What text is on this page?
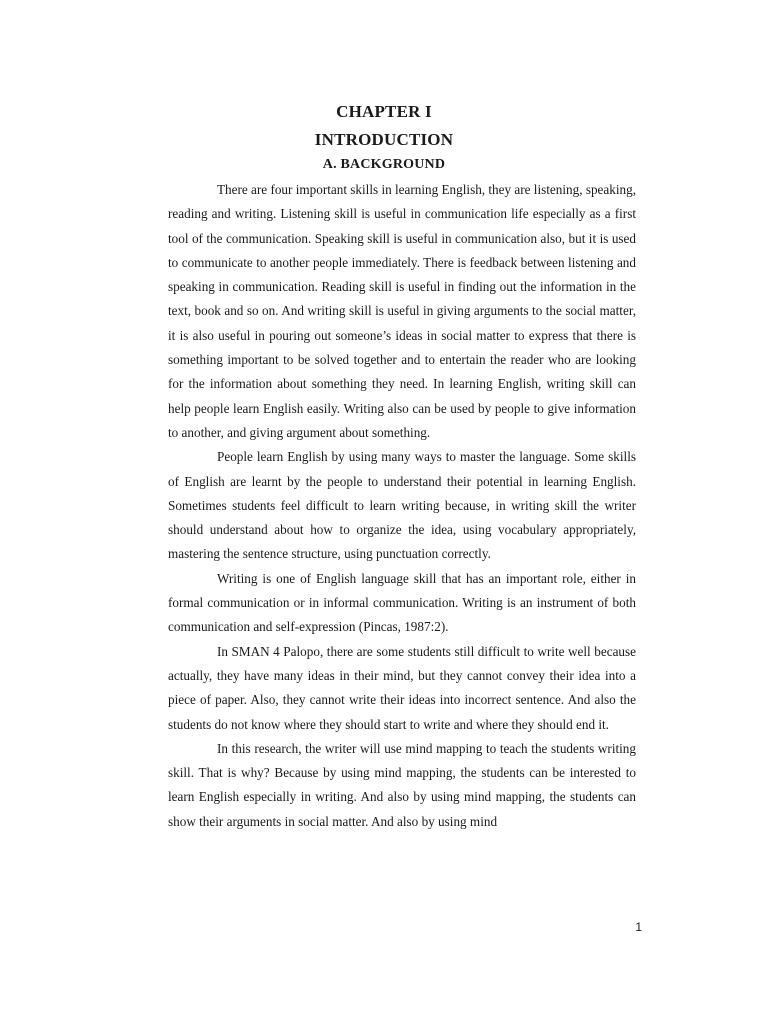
CHAPTER I
INTRODUCTION
A. BACKGROUND

There are four important skills in learning English, they are listening, speaking, reading and writing. Listening skill is useful in communication life especially as a first tool of the communication. Speaking skill is useful in communication also, but it is used to communicate to another people immediately. There is feedback between listening and speaking in communication. Reading skill is useful in finding out the information in the text, book and so on. And writing skill is useful in giving arguments to the social matter, it is also useful in pouring out someone’s ideas in social matter to express that there is something important to be solved together and to entertain the reader who are looking for the information about something they need. In learning English, writing skill can help people learn English easily. Writing also can be used by people to give information to another, and giving argument about something.

People learn English by using many ways to master the language. Some skills of English are learnt by the people to understand their potential in learning English. Sometimes students feel difficult to learn writing because, in writing skill the writer should understand about how to organize the idea, using vocabulary appropriately, mastering the sentence structure, using punctuation correctly.

Writing is one of English language skill that has an important role, either in formal communication or in informal communication. Writing is an instrument of both communication and self-expression (Pincas, 1987:2).

In SMAN 4 Palopo, there are some students still difficult to write well because actually, they have many ideas in their mind, but they cannot convey their idea into a piece of paper. Also, they cannot write their ideas into incorrect sentence. And also the students do not know where they should start to write and where they should end it.

In this research, the writer will use mind mapping to teach the students writing skill. That is why? Because by using mind mapping, the students can be interested to learn English especially in writing. And also by using mind mapping, the students can show their arguments in social matter. And also by using mind

1
